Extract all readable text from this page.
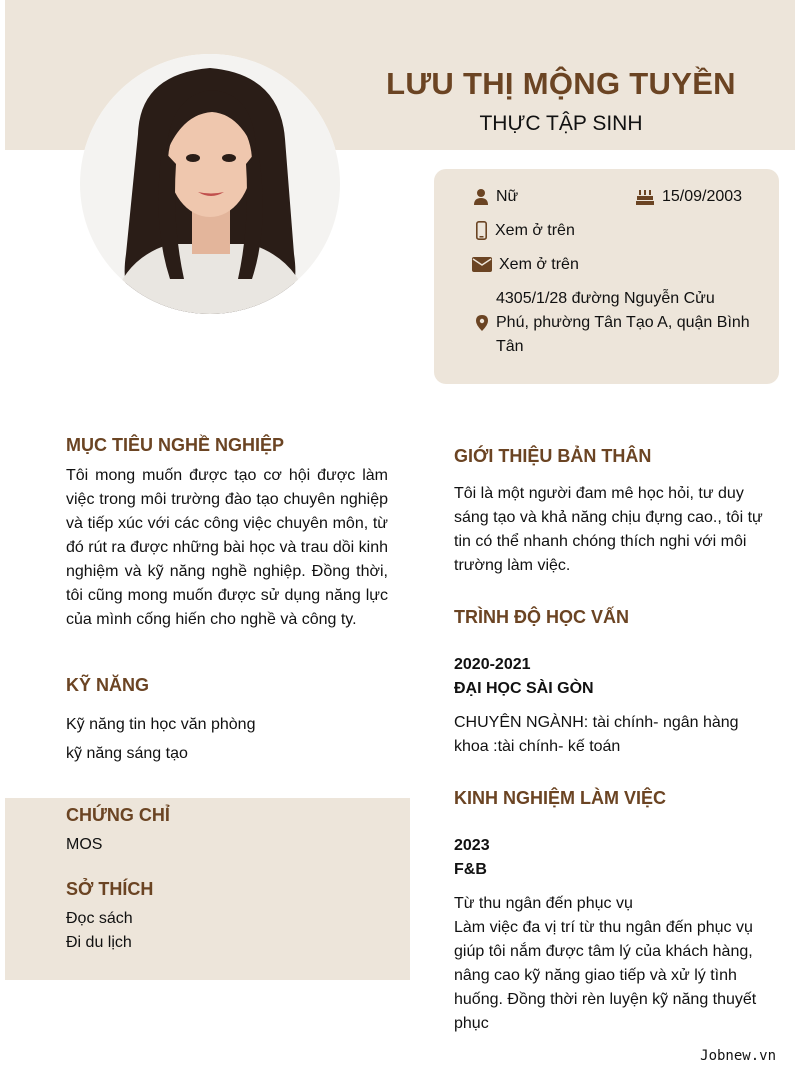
LƯU THỊ MỘNG TUYỀN
THỰC TẬP SINH
Nữ	15/09/2003
Xem ở trên
Xem ở trên
4305/1/28 đường Nguyễn Cửu
Phú, phường Tân Tạo A, quận Bình
Tân
MỤC TIÊU NGHỀ NGHIỆP
Tôi mong muốn được tạo cơ hội được làm việc trong môi trường đào tạo chuyên nghiệp và tiếp xúc với các công việc chuyên môn, từ đó rút ra được những bài học và trau dồi kinh nghiệm và kỹ năng nghề nghiệp. Đồng thời, tôi cũng mong muốn được sử dụng năng lực của mình cống hiến cho nghề và công ty.
KỸ NĂNG
Kỹ năng tin học văn phòng
kỹ năng sáng tạo
CHỨNG CHỈ
MOS
SỞ THÍCH
Đọc sách
Đi du lịch
GIỚI THIỆU BẢN THÂN
Tôi là một người đam mê học hỏi, tư duy sáng tạo và khả năng chịu đựng cao., tôi tự tin có thể nhanh chóng thích nghi với môi trường làm việc.
TRÌNH ĐỘ HỌC VẤN
2020-2021
ĐẠI HỌC SÀI GÒN
CHUYÊN NGÀNH: tài chính- ngân hàng
khoa :tài chính- kế toán
KINH NGHIỆM LÀM VIỆC
2023
F&B
Từ thu ngân đến phục vụ
Làm việc đa vị trí từ thu ngân đến phục vụ giúp tôi nắm được tâm lý của khách hàng, nâng cao kỹ năng giao tiếp và xử lý tình huống. Đồng thời rèn luyện kỹ năng thuyết phục
Jobnew.vn
